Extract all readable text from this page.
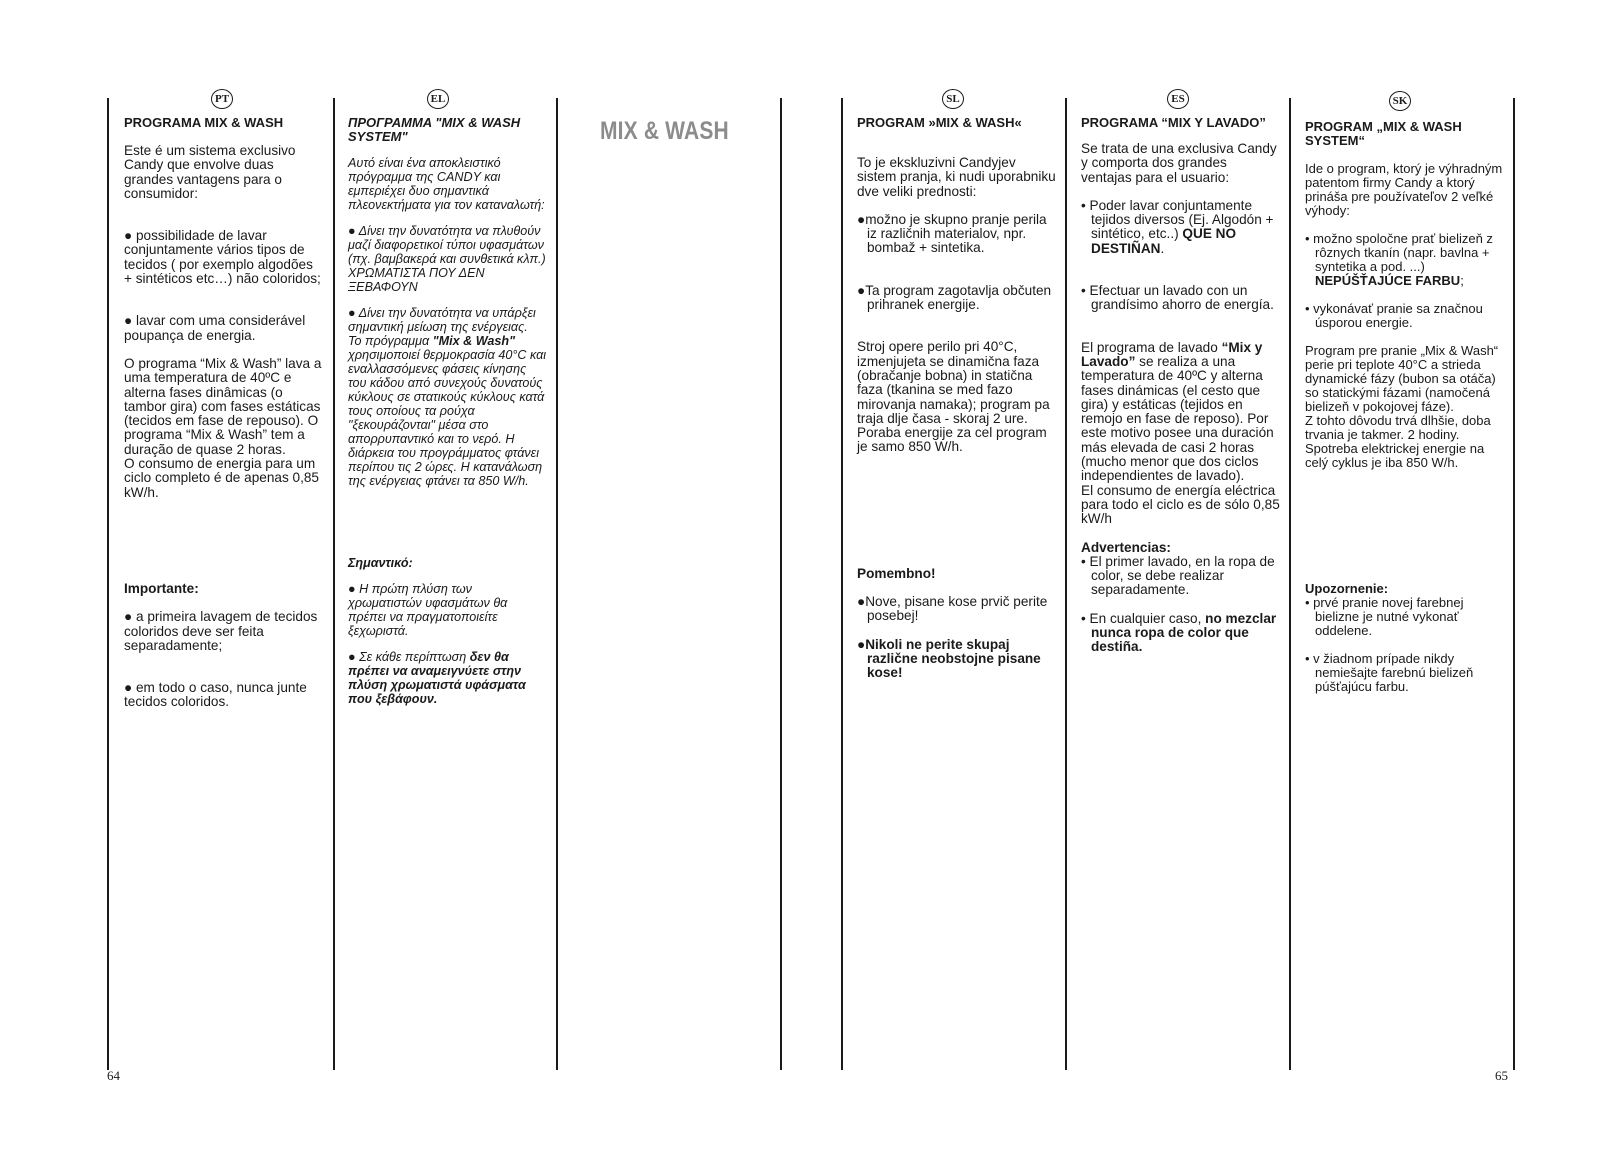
PT	EL	SL	ES	SK
MIX & WASH

PROGRAMA MIX & WASH

Este é um sistema exclusivo Candy que envolve duas grandes vantagens para o consumidor:

● possibilidade de lavar conjuntamente vários tipos de tecidos ( por exemplo algodões + sintéticos etc…) não coloridos;

● lavar com uma considerável poupança de energia.

O programa “Mix & Wash” lava a uma temperatura de 40ºC e alterna fases dinâmicas (o tambor gira) com fases estáticas (tecidos em fase de repouso). O programa “Mix & Wash” tem a duração de quase 2 horas.

O consumo de energia para um ciclo completo é de apenas 0,85 kW/h.

Importante:

● a primeira lavagem de tecidos coloridos deve ser feita separadamente;

● em todo o caso, nunca junte tecidos coloridos.

ΠΡΟΓΡΑΜΜΑ "MIX & WASH SYSTEM"

Αυτό είναι ένα αποκλειστικό πρόγραμμα της CANDY και εμπεριέχει δυο σημαντικά πλεονεκτήματα για τον καταναλωτή:

● Δίνει την δυνατότητα να πλυθούν μαζί διαφορετικοί τύποι υφασμάτων (πχ. βαμβακερά και συνθετικά κλπ.) ΧΡΩΜΑΤΙΣΤΑ ΠΟΥ ΔΕΝ ΞΕΒΑΦΟΥΝ

● Δίνει την δυνατότητα να υπάρξει σημαντική μείωση της ενέργειας.

Το πρόγραμμα "Mix & Wash" χρησιμοποιεί θερμοκρασία 40°C και εναλλασσόμενες φάσεις κίνησης του κάδου από συνεχούς δυνατούς κύκλους σε στατικούς κύκλους κατά τους οποίους τα ρούχα "ξεκουράζονται" μέσα στο απορρυπαντικό και το νερό. Η διάρκεια του προγράμματος φτάνει περίπου τις 2 ώρες. Η κατανάλωση της ενέργειας φτάνει τα 850 W/h.

Σημαντικό:

● Η πρώτη πλύση των χρωματιστών υφασμάτων θα πρέπει να πραγματοποιείτε ξεχωριστά.

● Σε κάθε περίπτωση δεν θα πρέπει να αναμειγνύετε στην πλύση χρωματιστά υφάσματα που ξεβάφουν.

PROGRAM »MIX & WASH«

To je ekskluzivni Candyjev sistem pranja, ki nudi uporabniku dve veliki prednosti:

●možno je skupno pranje perila iz različnih materialov, npr. bombaž + sintetika.

●Ta program zagotavlja občuten prihranek energije.

Stroj opere perilo pri 40°C, izmenjujeta se dinamična faza (obračanje bobna) in statična faza (tkanina se med fazo mirovanja namaka); program pa traja dlje časa - skoraj 2 ure. Poraba energije za cel program je samo 850 W/h.

Pomembno!

●Nove, pisane kose prvič perite posebej!

●Nikoli ne perite skupaj različne neobstojne pisane kose!

PROGRAMA “MIX Y LAVADO”

Se trata de una exclusiva Candy y comporta dos grandes ventajas para el usuario:

• Poder lavar conjuntamente tejidos diversos (Ej. Algodón + sintético, etc..) QUE NO DESTIÑAN.

• Efectuar un lavado con un grandísimo ahorro de energía.

El programa de lavado “Mix y Lavado” se realiza a una temperatura de 40ºC y alterna fases dinámicas (el cesto que gira) y estáticas (tejidos en remojo en fase de reposo). Por este motivo posee una duración más elevada de casi 2 horas (mucho menor que dos ciclos independientes de lavado).

El consumo de energía eléctrica para todo el ciclo es de sólo 0,85 kW/h

Advertencias:

• El primer lavado, en la ropa de color, se debe realizar separadamente.

• En cualquier caso, no mezclar nunca ropa de color que destiña.

PROGRAM „MIX & WASH SYSTEM“

Ide o program, ktorý je výhradným patentom firmy Candy a ktorý prináša pre používateľov 2 veľké výhody:

• možno spoločne prať bielizeň z rôznych tkanín (napr. bavlna + syntetika a pod. ...) NEPÚŠŤAJÚCE FARBU;

• vykonávať pranie sa značnou úsporou energie.

Program pre pranie „Mix & Wash“ perie pri teplote 40°C a strieda dynamické fázy (bubon sa otáča) so statickými fázami (namočená bielizeň v pokojovej fáze).

Z tohto dôvodu trvá dlhšie, doba trvania je takmer. 2 hodiny.

Spotreba elektrickej energie na celý cyklus je iba 850 W/h.

Upozornenie:

• prvé pranie novej farebnej bielizne je nutné vykonať oddelene.

• v žiadnom prípade nikdy nemiešajte farebnú bielizeň púšťajúcu farbu.

64	65
